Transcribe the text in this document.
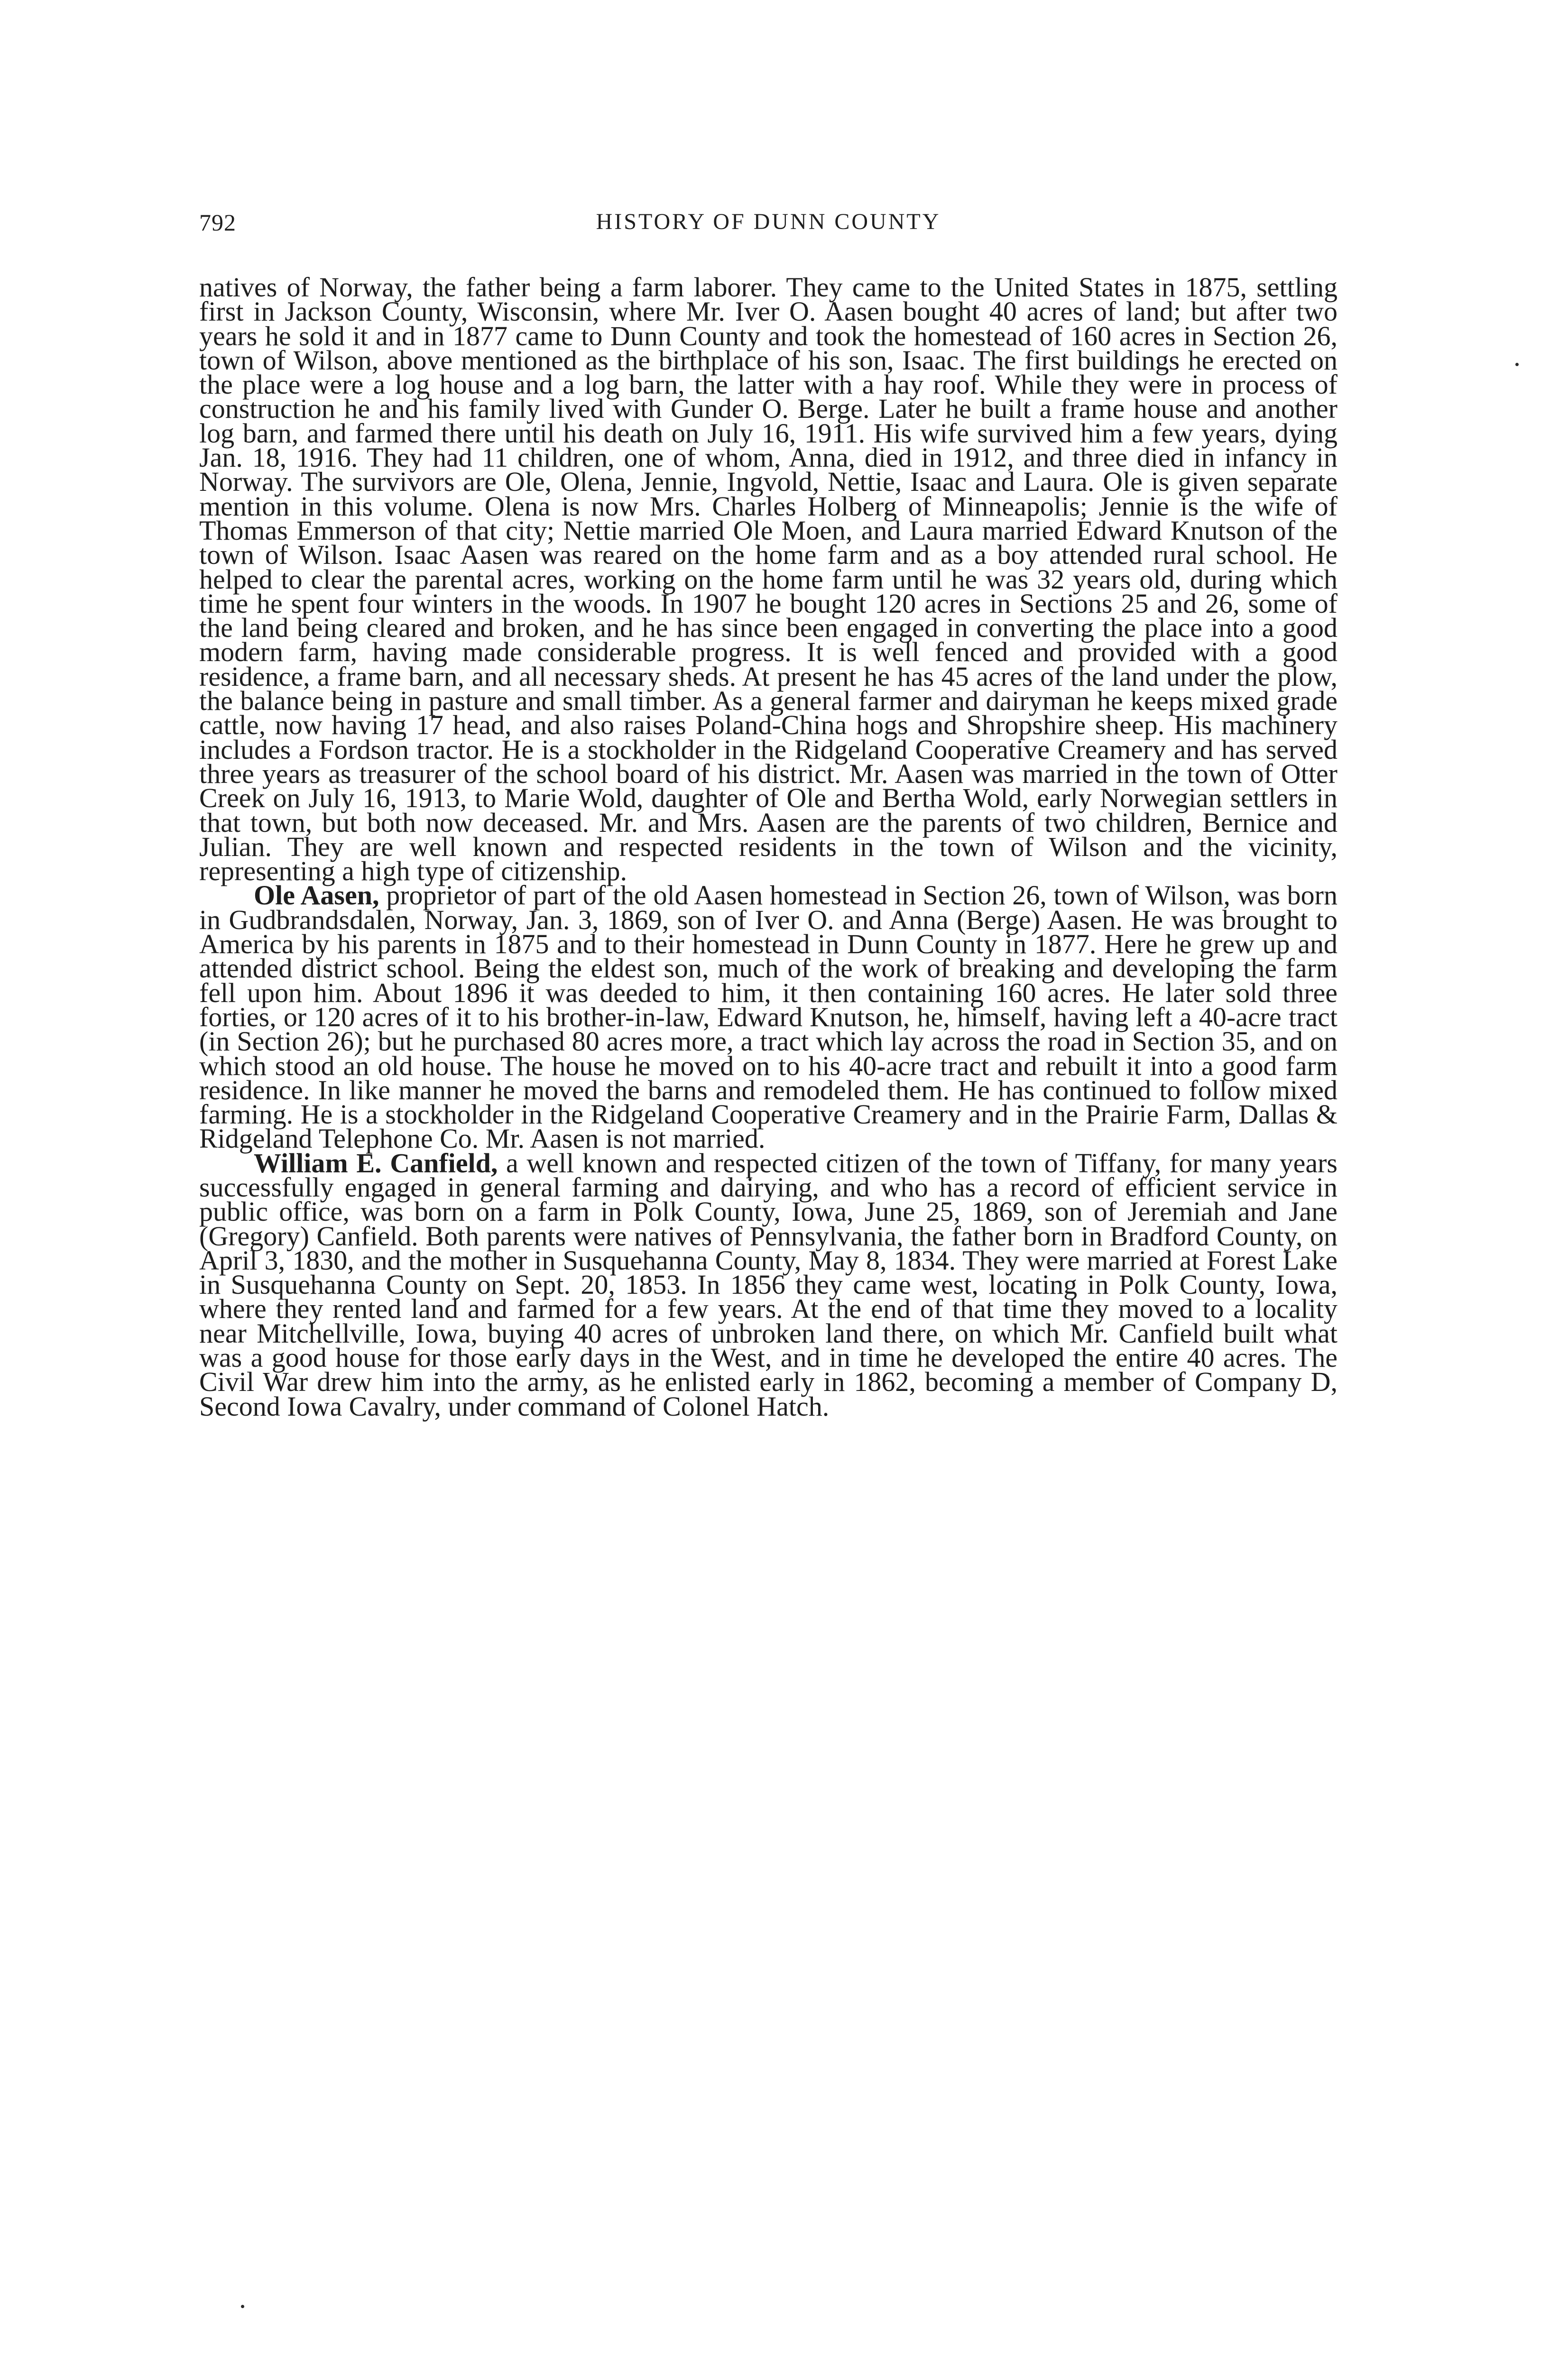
792	HISTORY OF DUNN COUNTY

natives of Norway, the father being a farm laborer. They came to the United States in 1875, settling first in Jackson County, Wisconsin, where Mr. Iver O. Aasen bought 40 acres of land; but after two years he sold it and in 1877 came to Dunn County and took the homestead of 160 acres in Section 26, town of Wilson, above mentioned as the birthplace of his son, Isaac. The first buildings he erected on the place were a log house and a log barn, the latter with a hay roof. While they were in process of construction he and his family lived with Gunder O. Berge. Later he built a frame house and another log barn, and farmed there until his death on July 16, 1911. His wife survived him a few years, dying Jan. 18, 1916. They had 11 children, one of whom, Anna, died in 1912, and three died in infancy in Norway. The survivors are Ole, Olena, Jennie, Ingvold, Nettie, Isaac and Laura. Ole is given separate mention in this volume. Olena is now Mrs. Charles Holberg of Minneapolis; Jennie is the wife of Thomas Emmerson of that city; Nettie married Ole Moen, and Laura married Edward Knutson of the town of Wilson. Isaac Aasen was reared on the home farm and as a boy attended rural school. He helped to clear the parental acres, working on the home farm until he was 32 years old, during which time he spent four winters in the woods. In 1907 he bought 120 acres in Sections 25 and 26, some of the land being cleared and broken, and he has since been engaged in converting the place into a good modern farm, having made considerable progress. It is well fenced and provided with a good residence, a frame barn, and all necessary sheds. At present he has 45 acres of the land under the plow, the balance being in pasture and small timber. As a general farmer and dairyman he keeps mixed grade cattle, now having 17 head, and also raises Poland-China hogs and Shropshire sheep. His machinery includes a Fordson tractor. He is a stockholder in the Ridgeland Cooperative Creamery and has served three years as treasurer of the school board of his district. Mr. Aasen was married in the town of Otter Creek on July 16, 1913, to Marie Wold, daughter of Ole and Bertha Wold, early Norwegian settlers in that town, but both now deceased. Mr. and Mrs. Aasen are the parents of two children, Bernice and Julian. They are well known and respected residents in the town of Wilson and the vicinity, representing a high type of citizenship.

Ole Aasen, proprietor of part of the old Aasen homestead in Section 26, town of Wilson, was born in Gudbrandsdalen, Norway, Jan. 3, 1869, son of Iver O. and Anna (Berge) Aasen. He was brought to America by his parents in 1875 and to their homestead in Dunn County in 1877. Here he grew up and attended district school. Being the eldest son, much of the work of breaking and developing the farm fell upon him. About 1896 it was deeded to him, it then containing 160 acres. He later sold three forties, or 120 acres of it to his brother-in-law, Edward Knutson, he, himself, having left a 40-acre tract (in Section 26); but he purchased 80 acres more, a tract which lay across the road in Section 35, and on which stood an old house. The house he moved on to his 40-acre tract and rebuilt it into a good farm residence. In like manner he moved the barns and remodeled them. He has continued to follow mixed farming. He is a stockholder in the Ridgeland Cooperative Creamery and in the Prairie Farm, Dallas & Ridgeland Telephone Co. Mr. Aasen is not married.

William E. Canfield, a well known and respected citizen of the town of Tiffany, for many years successfully engaged in general farming and dairying, and who has a record of efficient service in public office, was born on a farm in Polk County, Iowa, June 25, 1869, son of Jeremiah and Jane (Gregory) Canfield. Both parents were natives of Pennsylvania, the father born in Bradford County, on April 3, 1830, and the mother in Susquehanna County, May 8, 1834. They were married at Forest Lake in Susquehanna County on Sept. 20, 1853. In 1856 they came west, locating in Polk County, Iowa, where they rented land and farmed for a few years. At the end of that time they moved to a locality near Mitchellville, Iowa, buying 40 acres of unbroken land there, on which Mr. Canfield built what was a good house for those early days in the West, and in time he developed the entire 40 acres. The Civil War drew him into the army, as he enlisted early in 1862, becoming a member of Company D, Second Iowa Cavalry, under command of Colonel Hatch.
